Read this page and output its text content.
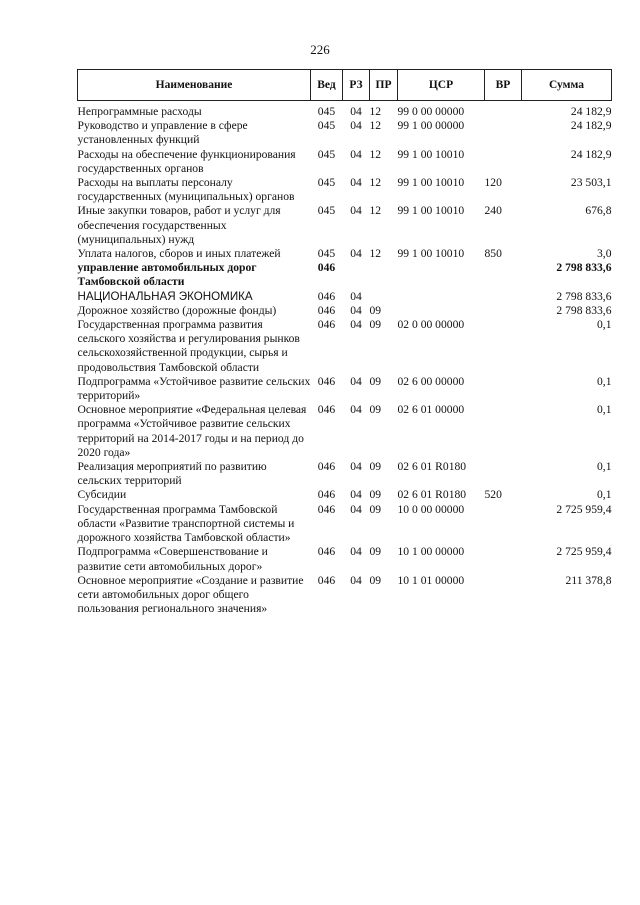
226
Наименование	Вед	РЗ	ПР	ЦСР	ВР	Сумма

Непрограммные расходы	045	04	12	99 0 00 00000		24 182,9
Руководство и управление в сфере установленных функций	045	04	12	99 1 00 00000		24 182,9
Расходы на обеспечение функционирования государственных органов	045	04	12	99 1 00 10010		24 182,9
Расходы на выплаты персоналу государственных (муниципальных) органов	045	04	12	99 1 00 10010	120	23 503,1
Иные закупки товаров, работ и услуг для обеспечения государственных (муниципальных) нужд	045	04	12	99 1 00 10010	240	676,8
Уплата налогов, сборов и иных платежей	045	04	12	99 1 00 10010	850	3,0
управление автомобильных дорог Тамбовской области	046					2 798 833,6
НАЦИОНАЛЬНАЯ ЭКОНОМИКА	046	04				2 798 833,6
Дорожное хозяйство (дорожные фонды)	046	04	09			2 798 833,6
Государственная программа развития сельского хозяйства и регулирования рынков сельскохозяйственной продукции, сырья и продовольствия Тамбовской области	046	04	09	02 0 00 00000		0,1
Подпрограмма «Устойчивое развитие сельских территорий»	046	04	09	02 6 00 00000		0,1
Основное мероприятие «Федеральная целевая программа «Устойчивое развитие сельских территорий на 2014-2017 годы и на период до 2020 года»	046	04	09	02 6 01 00000		0,1
Реализация мероприятий по развитию сельских территорий	046	04	09	02 6 01 R0180		0,1
Субсидии	046	04	09	02 6 01 R0180	520	0,1
Государственная программа Тамбовской области «Развитие транспортной системы и дорожного хозяйства Тамбовской области»	046	04	09	10 0 00 00000		2 725 959,4
Подпрограмма «Совершенствование и развитие сети автомобильных дорог»	046	04	09	10 1 00 00000		2 725 959,4
Основное мероприятие «Создание и развитие сети автомобильных дорог общего пользования регионального значения»	046	04	09	10 1 01 00000		211 378,8
